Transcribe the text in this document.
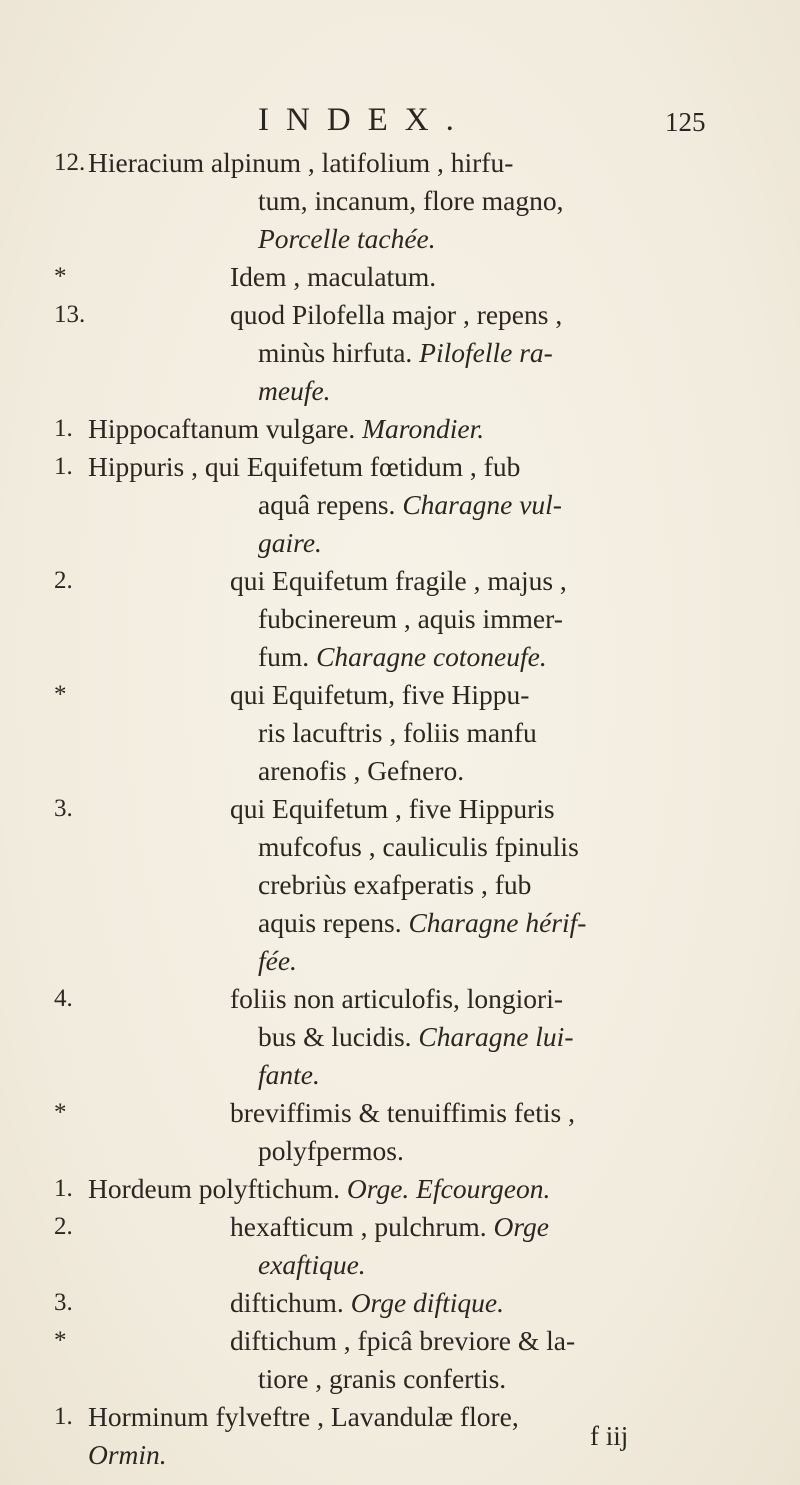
INDEX.	125
12. Hieracium alpinum , latifolium , hirfu-
tum, incanum, flore magno,
Porcelle tachée.
*	Idem , maculatum.
13.	quod Pilofella major , repens ,
minùs hirfuta. Pilofelle ra-
meufe.
1. Hippocaftanum vulgare. Marondier.
1. Hippuris , qui Equifetum fœtidum , fub
aquâ repens. Charagne vul-
gaire.
2.	qui Equifetum fragile , majus ,
fubcinereum , aquis immer-
fum. Charagne cotoneufe.
*	qui Equifetum, five Hippu-
ris lacuftris , foliis manfu
arenofis , Gefnero.
3.	qui Equifetum , five Hippuris
mufcofus , cauliculis fpinulis
crebriùs exafperatis , fub
aquis repens. Charagne hérif-
fée.
4.	foliis non articulofis, longiori-
bus & lucidis. Charagne lui-
fante.
*	breviffimis & tenuiffimis fetis ,
polyfpermos.
1. Hordeum polyftichum. Orge. Efcourgeon.
2.	hexafticum , pulchrum. Orge
exaftique.
3.	diftichum. Orge diftique.
*	diftichum , fpicâ breviore & la-
tiore , granis confertis.
1. Horminum fylveftre , Lavandulæ flore,
Ormin.
f iij
